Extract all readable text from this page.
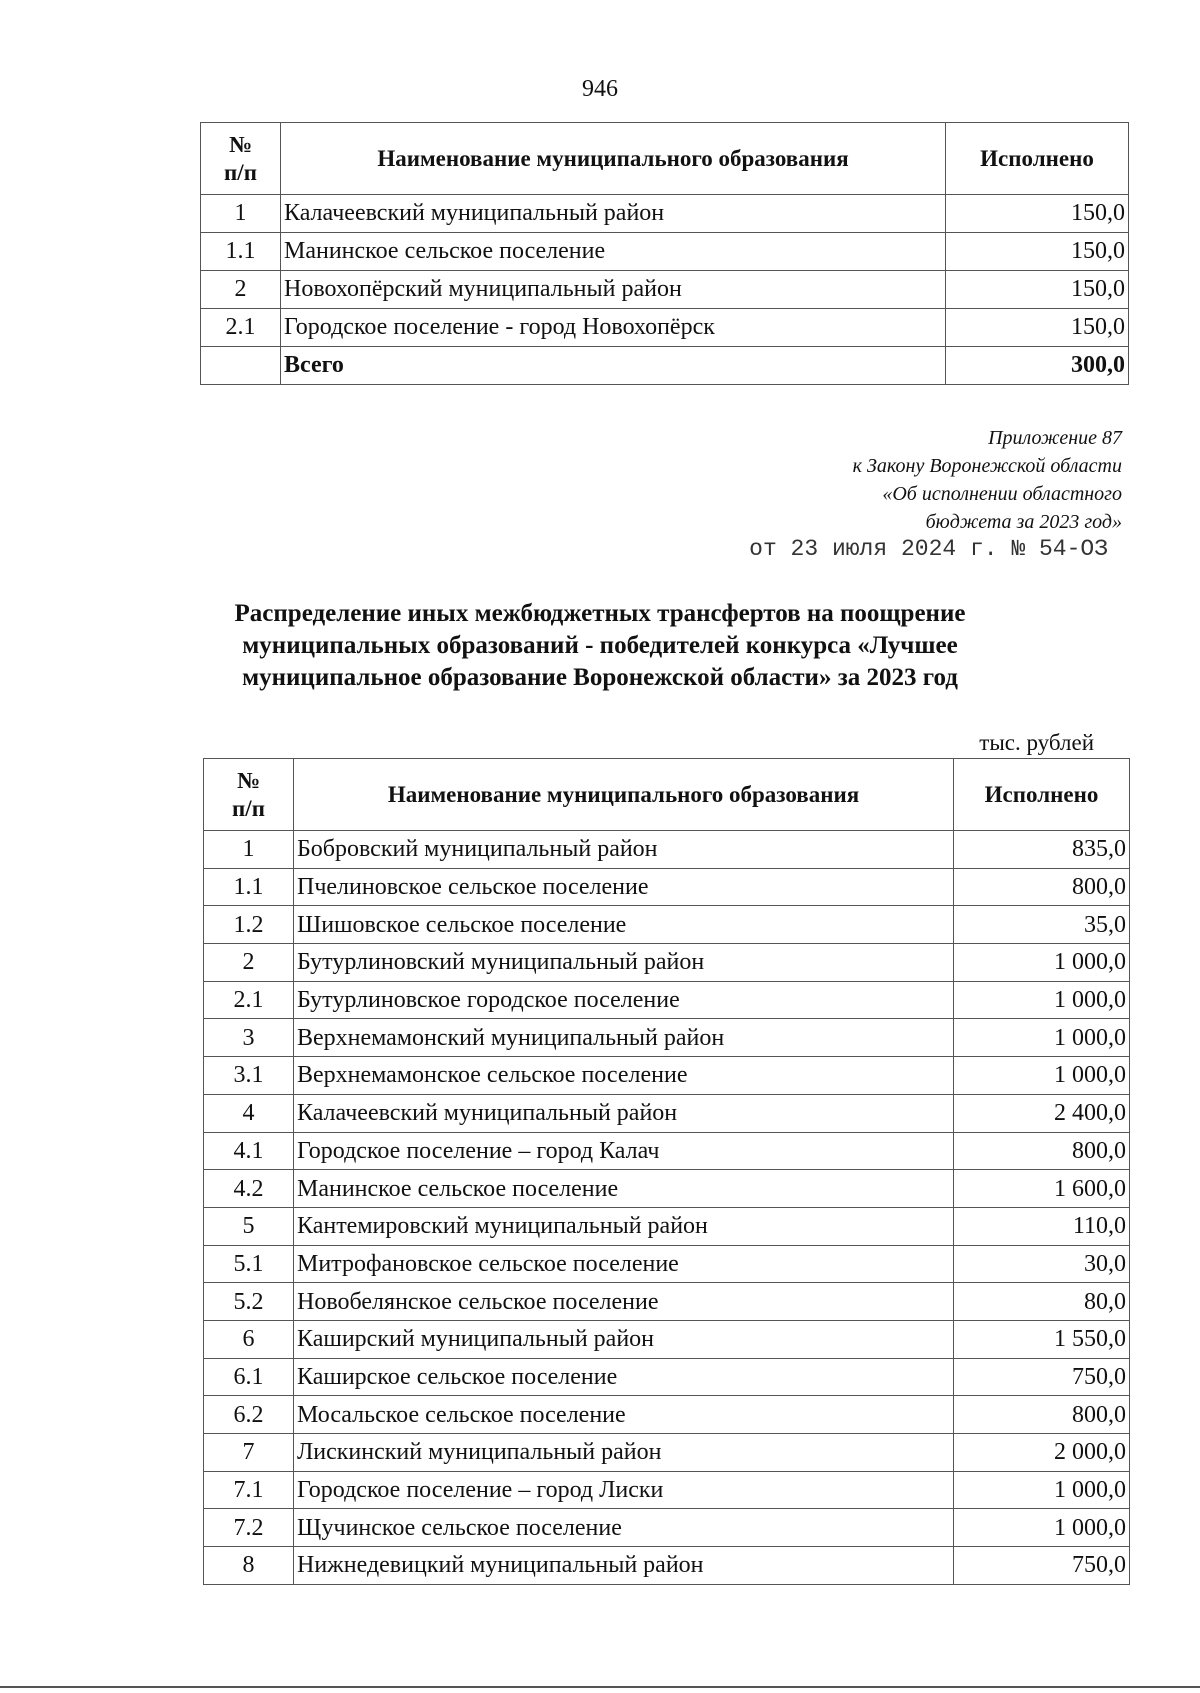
946
№
п/п	Наименование муниципального образования	Исполнено
1	Калачеевский муниципальный район	150,0
1.1	Манинское сельское поселение	150,0
2	Новохопёрский муниципальный район	150,0
2.1	Городское поселение - город Новохопёрск	150,0
	Всего	300,0
Приложение 87
к Закону Воронежской области
«Об исполнении областного
бюджета за 2023 год»
от 23 июля 2024 г. № 54-ОЗ
Распределение иных межбюджетных трансфертов на поощрение
муниципальных образований - победителей конкурса «Лучшее
муниципальное образование Воронежской области» за 2023 год
тыс. рублей
№
п/п	Наименование муниципального образования	Исполнено
1	Бобровский муниципальный район	835,0
1.1	Пчелиновское сельское поселение	800,0
1.2	Шишовское сельское поселение	35,0
2	Бутурлиновский муниципальный район	1 000,0
2.1	Бутурлиновское городское поселение	1 000,0
3	Верхнемамонский муниципальный район	1 000,0
3.1	Верхнемамонское сельское поселение	1 000,0
4	Калачеевский муниципальный район	2 400,0
4.1	Городское поселение – город Калач	800,0
4.2	Манинское сельское поселение	1 600,0
5	Кантемировский муниципальный район	110,0
5.1	Митрофановское сельское поселение	30,0
5.2	Новобелянское сельское поселение	80,0
6	Каширский муниципальный район	1 550,0
6.1	Каширское сельское поселение	750,0
6.2	Мосальское сельское поселение	800,0
7	Лискинский муниципальный район	2 000,0
7.1	Городское поселение – город Лиски	1 000,0
7.2	Щучинское сельское поселение	1 000,0
8	Нижнедевицкий муниципальный район	750,0
